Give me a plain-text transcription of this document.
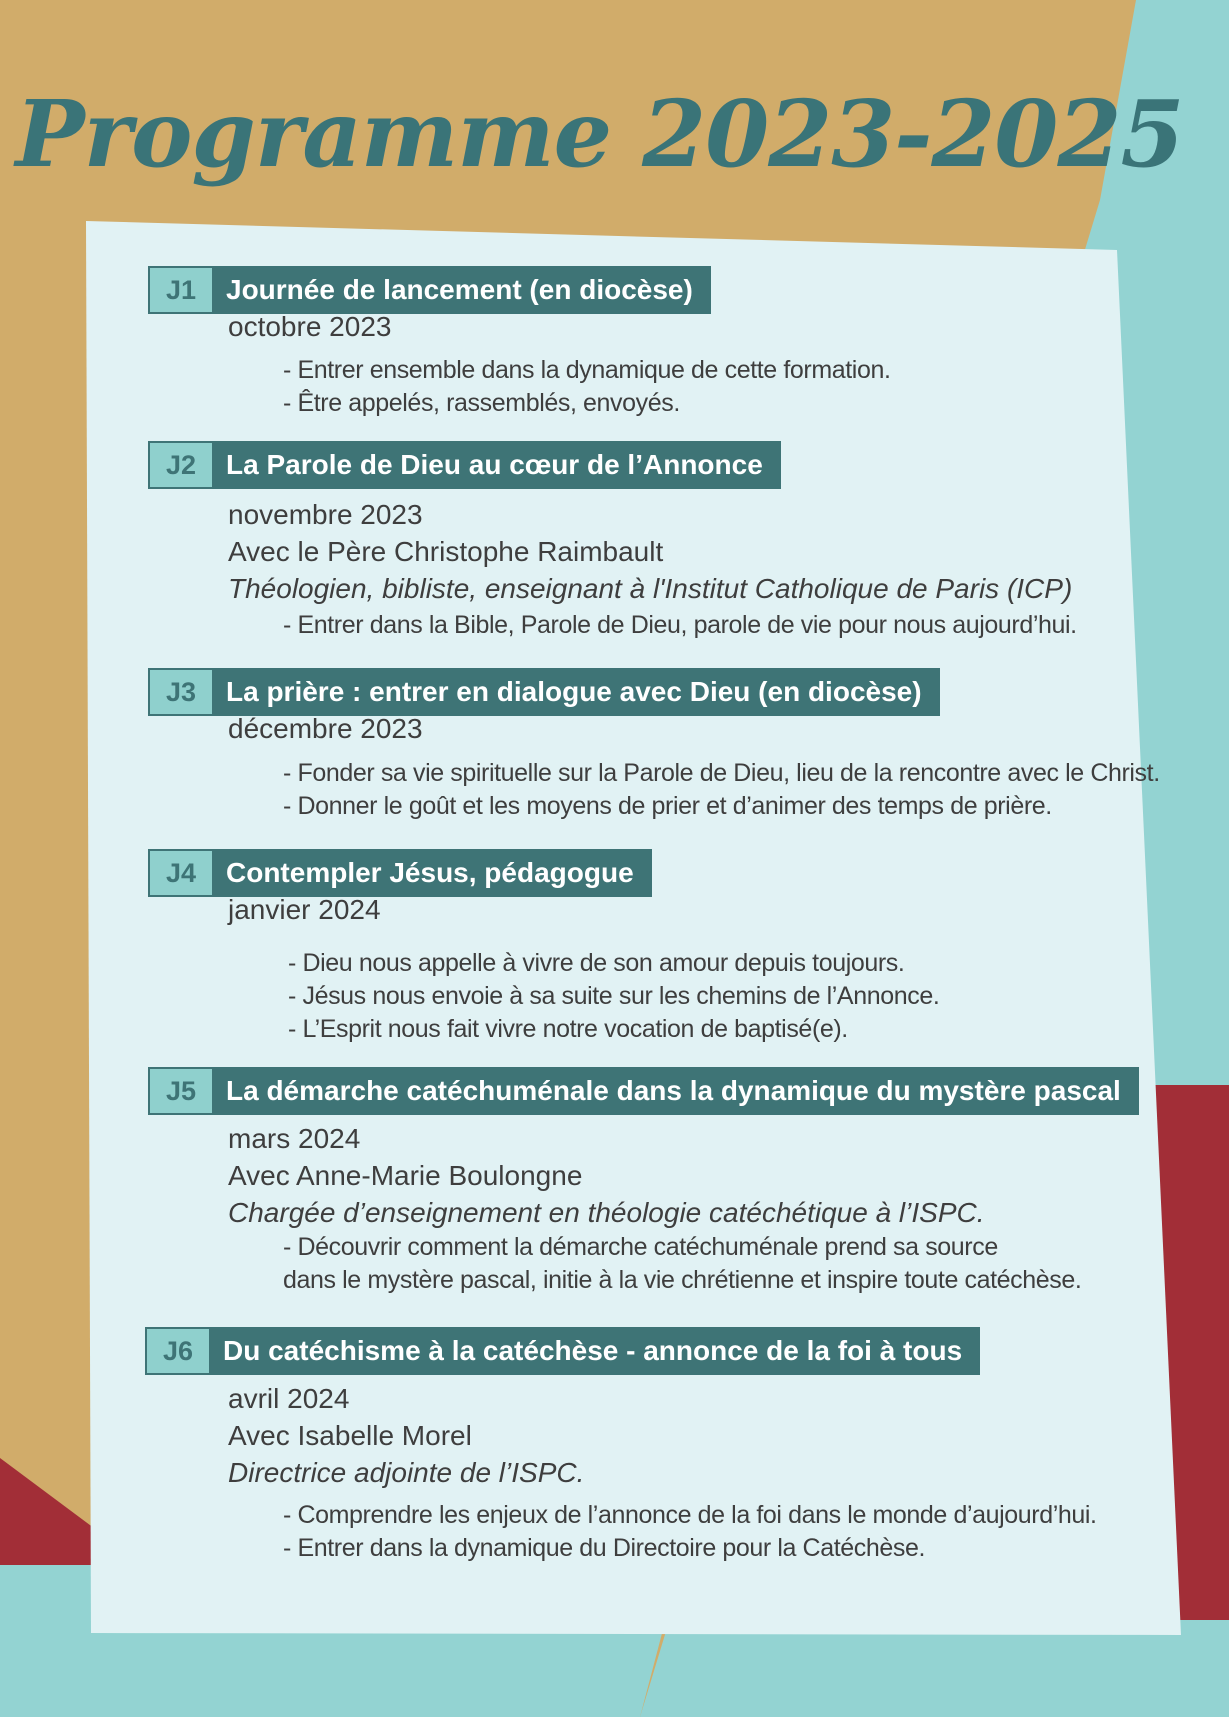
Programme 2023-2025
J1	Journée de lancement (en diocèse)
octobre 2023
- Entrer ensemble dans la dynamique de cette formation.
- Être appelés, rassemblés, envoyés.
J2	La Parole de Dieu au cœur de l’Annonce
novembre 2023
Avec le Père Christophe Raimbault
Théologien, bibliste, enseignant à l'Institut Catholique de Paris (ICP)
- Entrer dans la Bible, Parole de Dieu, parole de vie pour nous aujourd’hui.
J3	La prière : entrer en dialogue avec Dieu (en diocèse)
décembre 2023
- Fonder sa vie spirituelle sur la Parole de Dieu, lieu de la rencontre avec le Christ.
- Donner le goût et les moyens de prier et d’animer des temps de prière.
J4	Contempler Jésus, pédagogue
janvier 2024
- Dieu nous appelle à vivre de son amour depuis toujours.
- Jésus nous envoie à sa suite sur les chemins de l’Annonce.
- L’Esprit nous fait vivre notre vocation de baptisé(e).
J5	La démarche catéchuménale dans la dynamique du mystère pascal
mars 2024
Avec Anne-Marie Boulongne
Chargée d’enseignement en théologie catéchétique à l’ISPC.
- Découvrir comment la démarche catéchuménale prend sa source
dans le mystère pascal, initie à la vie chrétienne et inspire toute catéchèse.
J6	Du catéchisme à la catéchèse - annonce de la foi à tous
avril 2024
Avec Isabelle Morel
Directrice adjointe de l’ISPC.
- Comprendre les enjeux de l’annonce de la foi dans le monde d’aujourd’hui.
- Entrer dans la dynamique du Directoire pour la Catéchèse.
